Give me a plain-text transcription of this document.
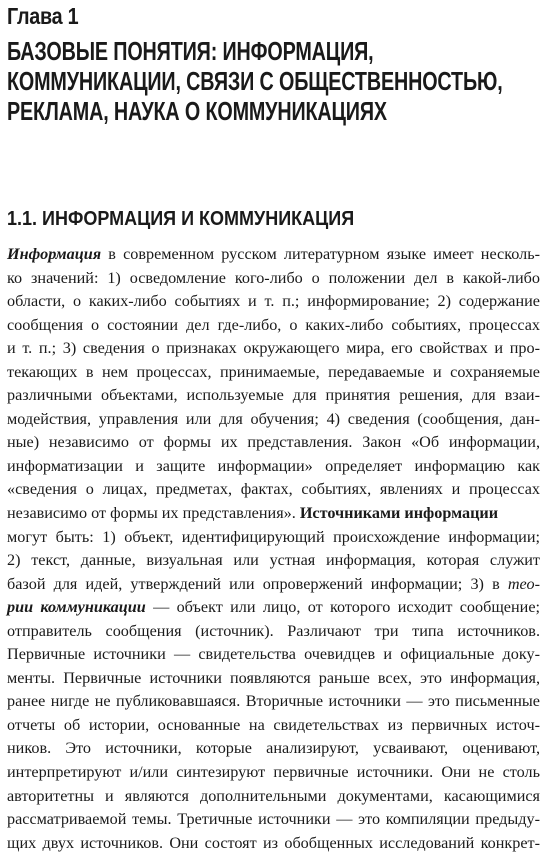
Глава 1
БАЗОВЫЕ ПОНЯТИЯ: ИНФОРМАЦИЯ,
КОММУНИКАЦИИ, СВЯЗИ С ОБЩЕСТВЕННОСТЬЮ,
РЕКЛАМА, НАУКА О КОММУНИКАЦИЯХ
1.1. ИНФОРМАЦИЯ И КОММУНИКАЦИЯ
Информация в современном русском литературном языке имеет несколь-
ко значений: 1) осведомление кого-либо о положении дел в какой-либо
области, о каких-либо событиях и т. п.; информирование; 2) содержание
сообщения о состоянии дел где-либо, о каких-либо событиях, процессах
и т. п.; 3) сведения о признаках окружающего мира, его свойствах и про-
текающих в нем процессах, принимаемые, передаваемые и сохраняемые
различными объектами, используемые для принятия решения, для взаи-
модействия, управления или для обучения; 4) сведения (сообщения, дан-
ные) независимо от формы их представления. Закон «Об информации,
информатизации и защите информации» определяет информацию как
«сведения о лицах, предметах, фактах, событиях, явлениях и процессах
независимо от формы их представления». Источниками информации
могут быть: 1) объект, идентифицирующий происхождение информации;
2) текст, данные, визуальная или устная информация, которая служит
базой для идей, утверждений или опровержений информации; 3) в тео-
рии коммуникации — объект или лицо, от которого исходит сообщение;
отправитель сообщения (источник). Различают три типа источников.
Первичные источники — свидетельства очевидцев и официальные доку-
менты. Первичные источники появляются раньше всех, это информация,
ранее нигде не публиковавшаяся. Вторичные источники — это письменные
отчеты об истории, основанные на свидетельствах из первичных источ-
ников. Это источники, которые анализируют, усваивают, оценивают,
интерпретируют и/или синтезируют первичные источники. Они не столь
авторитетны и являются дополнительными документами, касающимися
рассматриваемой темы. Третичные источники — это компиляции предыду-
щих двух источников. Они состоят из обобщенных исследований конкрет-
